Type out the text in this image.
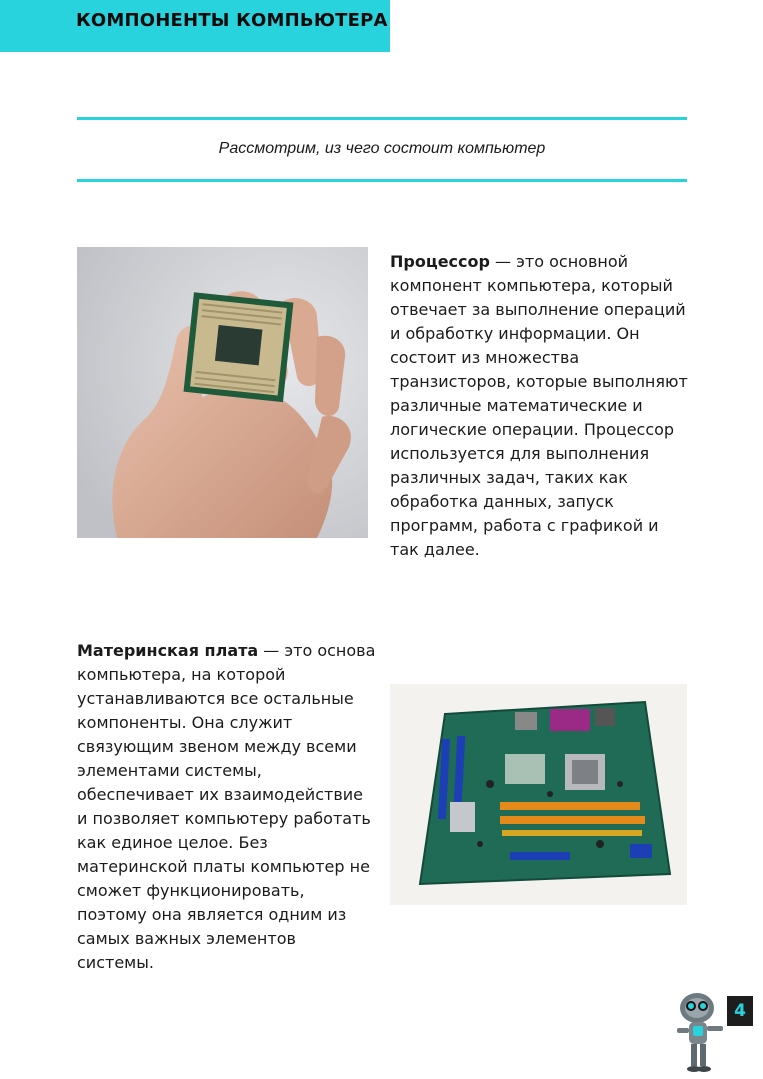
КОМПОНЕНТЫ КОМПЬЮТЕРА
Рассмотрим, из чего состоит компьютер
Процессор — это основной компонент компьютера, который отвечает за выполнение операций и обработку информации. Он состоит из множества транзисторов, которые выполняют различные математические и логические операции. Процессор используется для выполнения различных задач, таких как обработка данных, запуск программ, работа с графикой и так далее.
Материнская плата — это основа компьютера, на которой устанавливаются все остальные компоненты. Она служит связующим звеном между всеми элементами системы, обеспечивает их взаимодействие и позволяет компьютеру работать как единое целое. Без материнской платы компьютер не сможет функционировать, поэтому она является одним из самых важных элементов системы.
4
